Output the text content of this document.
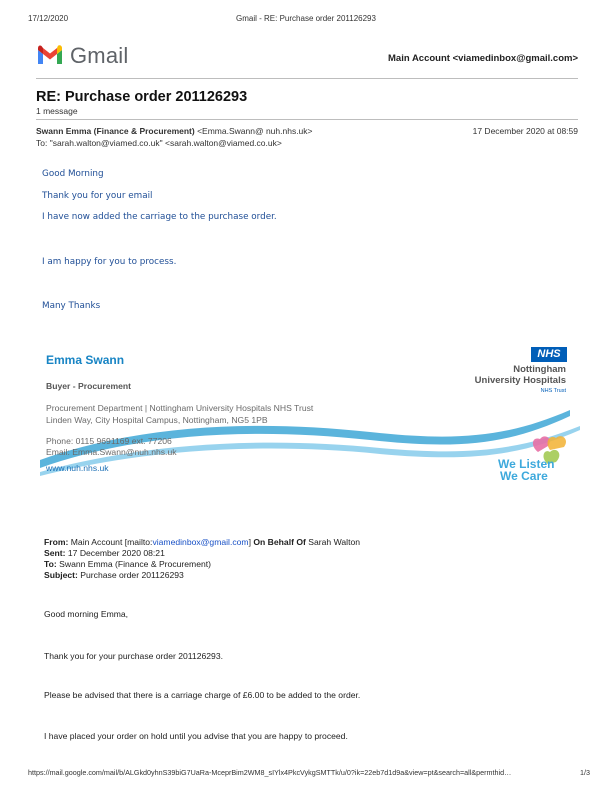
17/12/2020	Gmail - RE: Purchase order 201126293
Gmail	Main Account <viamedinbox@gmail.com>
RE: Purchase order 201126293
1 message
Swann Emma (Finance & Procurement) <Emma.Swann@ nuh.nhs.uk>	17 December 2020 at 08:59
To: "sarah.walton@viamed.co.uk" <sarah.walton@viamed.co.uk>
Good Morning
Thank you for your email
I have now added the carriage to the purchase order.
I am happy for you to process.
Many Thanks
Emma Swann
Buyer - Procurement
Procurement Department | Nottingham University Hospitals NHS Trust
Linden Way, City Hospital Campus, Nottingham, NG5 1PB
Phone: 0115 9691169 ext. 77206
Email: Emma.Swann@nuh.nhs.uk
www.nuh.nhs.uk
NHS
Nottingham
University Hospitals
NHS Trust
We Listen
We Care
From: Main Account [mailto:viamedinbox@gmail.com] On Behalf Of Sarah Walton
Sent: 17 December 2020 08:21
To: Swann Emma (Finance & Procurement)
Subject: Purchase order 201126293
Good morning Emma,
Thank you for your purchase order 201126293.
Please be advised that there is a carriage charge of £6.00 to be added to the order.
I have placed your order on hold until you advise that you are happy to proceed.
https://mail.google.com/mail/b/ALGkd0yhnS39biG7UaRa-MceprBim2WM8_sIYlx4PkcVykgSMTTk/u/0?ik=22eb7d1d9a&view=pt&search=all&permthid…	1/3
